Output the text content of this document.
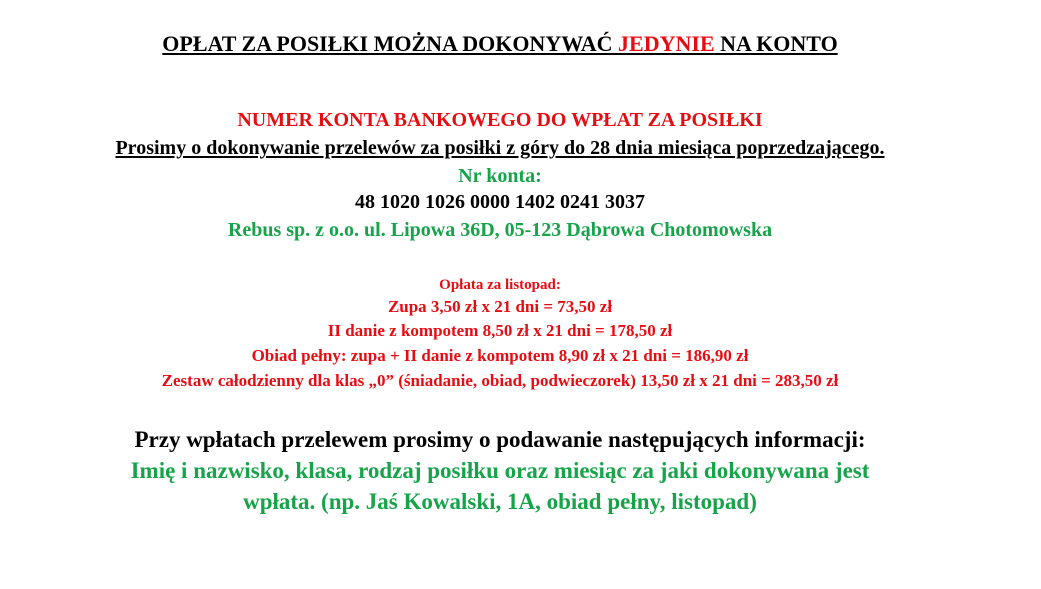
OPŁAT ZA POSIŁKI MOŻNA DOKONYWAĆ JEDYNIE NA KONTO
NUMER KONTA BANKOWEGO DO WPŁAT ZA POSIŁKI
Prosimy o dokonywanie przelewów za posiłki z góry do 28 dnia miesiąca poprzedzającego.
Nr konta:
48 1020 1026 0000 1402 0241 3037
Rebus sp. z o.o. ul. Lipowa 36D, 05-123 Dąbrowa Chotomowska
Opłata za listopad:
Zupa 3,50 zł x 21 dni = 73,50 zł
II danie z kompotem 8,50 zł x 21 dni = 178,50 zł
Obiad pełny: zupa + II danie z kompotem 8,90 zł x 21 dni = 186,90 zł
Zestaw całodzienny dla klas „0” (śniadanie, obiad, podwieczorek) 13,50 zł x 21 dni = 283,50 zł
Przy wpłatach przelewem prosimy o podawanie następujących informacji:
Imię i nazwisko, klasa, rodzaj posiłku oraz miesiąc za jaki dokonywana jest
wpłata. (np. Jaś Kowalski, 1A, obiad pełny, listopad)
